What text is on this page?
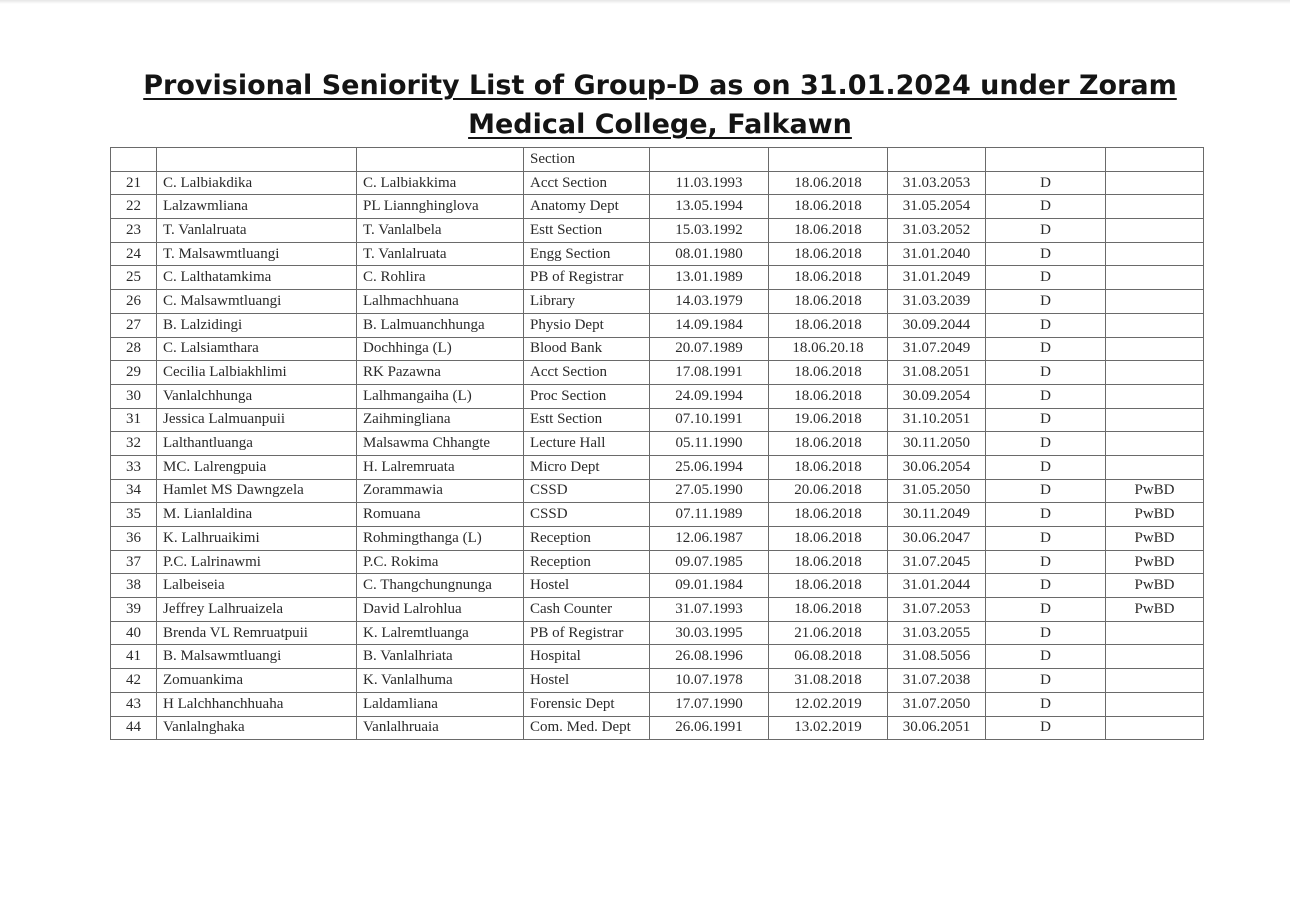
Provisional Seniority List of Group-D as on 31.01.2024 under Zoram Medical College, Falkawn
			Section					
21	C. Lalbiakdika	C. Lalbiakkima	Acct Section	11.03.1993	18.06.2018	31.03.2053	D	
22	Lalzawmliana	PL Liannghinglova	Anatomy Dept	13.05.1994	18.06.2018	31.05.2054	D	
23	T. Vanlalruata	T. Vanlalbela	Estt Section	15.03.1992	18.06.2018	31.03.2052	D	
24	T. Malsawmtluangi	T. Vanlalruata	Engg Section	08.01.1980	18.06.2018	31.01.2040	D	
25	C. Lalthatamkima	C. Rohlira	PB of Registrar	13.01.1989	18.06.2018	31.01.2049	D	
26	C. Malsawmtluangi	Lalhmachhuana	Library	14.03.1979	18.06.2018	31.03.2039	D	
27	B. Lalzidingi	B. Lalmuanchhunga	Physio Dept	14.09.1984	18.06.2018	30.09.2044	D	
28	C. Lalsiamthara	Dochhinga (L)	Blood Bank	20.07.1989	18.06.20.18	31.07.2049	D	
29	Cecilia Lalbiakhlimi	RK Pazawna	Acct Section	17.08.1991	18.06.2018	31.08.2051	D	
30	Vanlalchhunga	Lalhmangaiha (L)	Proc Section	24.09.1994	18.06.2018	30.09.2054	D	
31	Jessica Lalmuanpuii	Zaihmingliana	Estt Section	07.10.1991	19.06.2018	31.10.2051	D	
32	Lalthantluanga	Malsawma Chhangte	Lecture Hall	05.11.1990	18.06.2018	30.11.2050	D	
33	MC. Lalrengpuia	H. Lalremruata	Micro Dept	25.06.1994	18.06.2018	30.06.2054	D	
34	Hamlet MS Dawngzela	Zorammawia	CSSD	27.05.1990	20.06.2018	31.05.2050	D	PwBD
35	M. Lianlaldina	Romuana	CSSD	07.11.1989	18.06.2018	30.11.2049	D	PwBD
36	K. Lalhruaikimi	Rohmingthanga (L)	Reception	12.06.1987	18.06.2018	30.06.2047	D	PwBD
37	P.C. Lalrinawmi	P.C. Rokima	Reception	09.07.1985	18.06.2018	31.07.2045	D	PwBD
38	Lalbeiseia	C. Thangchungnunga	Hostel	09.01.1984	18.06.2018	31.01.2044	D	PwBD
39	Jeffrey Lalhruaizela	David Lalrohlua	Cash Counter	31.07.1993	18.06.2018	31.07.2053	D	PwBD
40	Brenda VL Remruatpuii	K. Lalremtluanga	PB of Registrar	30.03.1995	21.06.2018	31.03.2055	D	
41	B. Malsawmtluangi	B. Vanlalhriata	Hospital	26.08.1996	06.08.2018	31.08.5056	D	
42	Zomuankima	K. Vanlalhuma	Hostel	10.07.1978	31.08.2018	31.07.2038	D	
43	H Lalchhanchhuaha	Laldamliana	Forensic Dept	17.07.1990	12.02.2019	31.07.2050	D	
44	Vanlalnghaka	Vanlalhruaia	Com. Med. Dept	26.06.1991	13.02.2019	30.06.2051	D	
